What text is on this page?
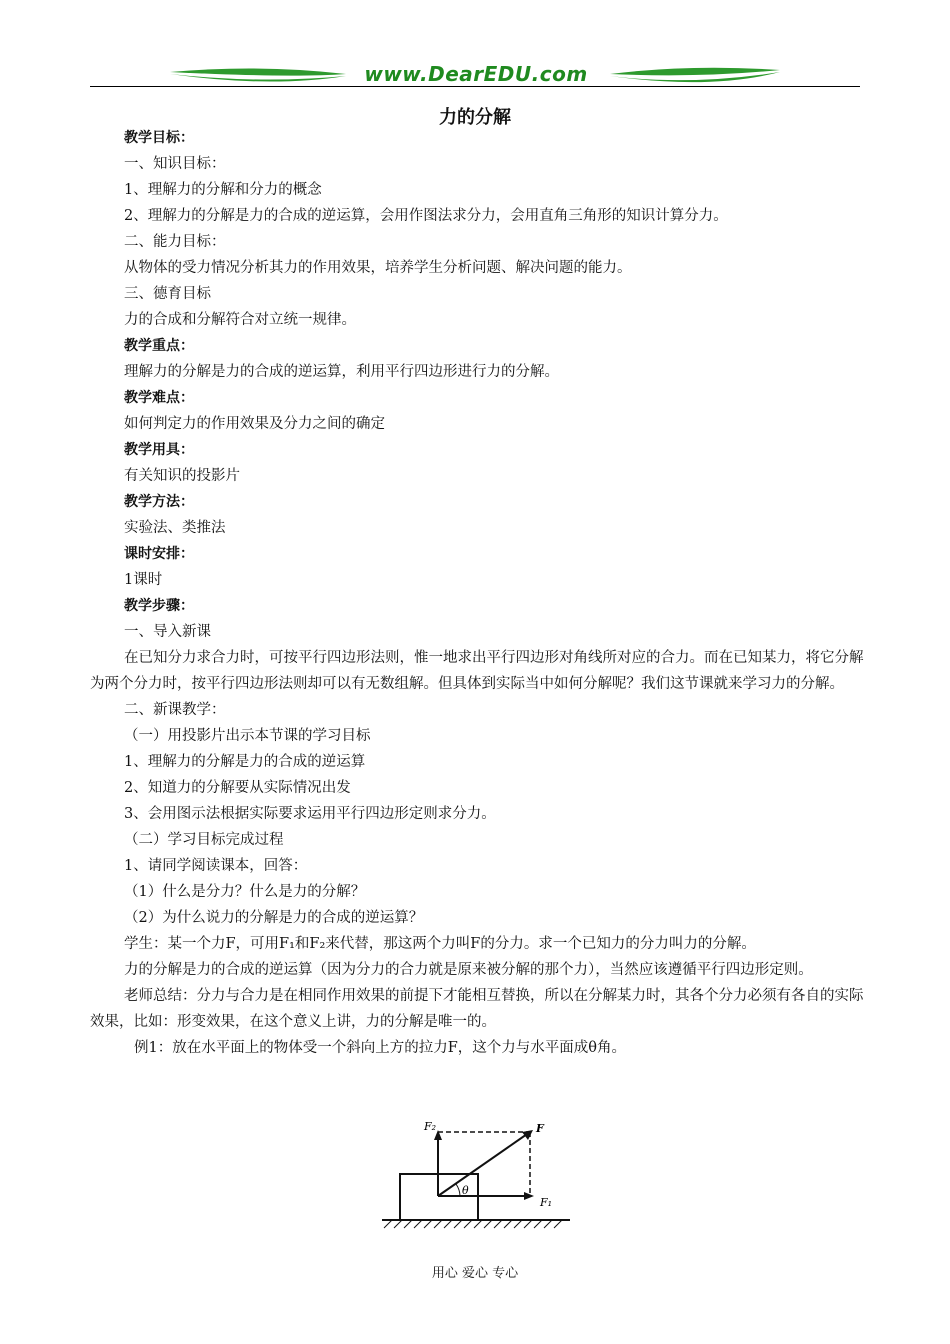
www.DearEDU.com
力的分解

教学目标：

一、知识目标：

1、理解力的分解和分力的概念

2、理解力的分解是力的合成的逆运算，会用作图法求分力，会用直角三角形的知识计算分力。

二、能力目标：

从物体的受力情况分析其力的作用效果，培养学生分析问题、解决问题的能力。

三、德育目标

力的合成和分解符合对立统一规律。

教学重点：

理解力的分解是力的合成的逆运算，利用平行四边形进行力的分解。

教学难点：

如何判定力的作用效果及分力之间的确定

教学用具：

有关知识的投影片

教学方法：

实验法、类推法

课时安排：

1课时

教学步骤：

一、导入新课

在已知分力求合力时，可按平行四边形法则，惟一地求出平行四边形对角线所对应的合力。而在已知某力，将它分解为两个分力时，按平行四边形法则却可以有无数组解。但具体到实际当中如何分解呢？我们这节课就来学习力的分解。

二、新课教学：

（一）用投影片出示本节课的学习目标

1、理解力的分解是力的合成的逆运算

2、知道力的分解要从实际情况出发

3、会用图示法根据实际要求运用平行四边形定则求分力。

（二）学习目标完成过程

1、请同学阅读课本，回答：

（1）什么是分力？什么是力的分解？

（2）为什么说力的分解是力的合成的逆运算？

学生：某一个力F，可用F₁和F₂来代替，那这两个力叫F的分力。求一个已知力的分力叫力的分解。

力的分解是力的合成的逆运算（因为分力的合力就是原来被分解的那个力），当然应该遵循平行四边形定则。

老师总结：分力与合力是在相同作用效果的前提下才能相互替换，所以在分解某力时，其各个分力必须有各自的实际效果，比如：形变效果，在这个意义上讲，力的分解是唯一的。

例1：放在水平面上的物体受一个斜向上方的拉力F，这个力与水平面成θ角。

F₂	F
F₁
θ
用心 爱心 专心
